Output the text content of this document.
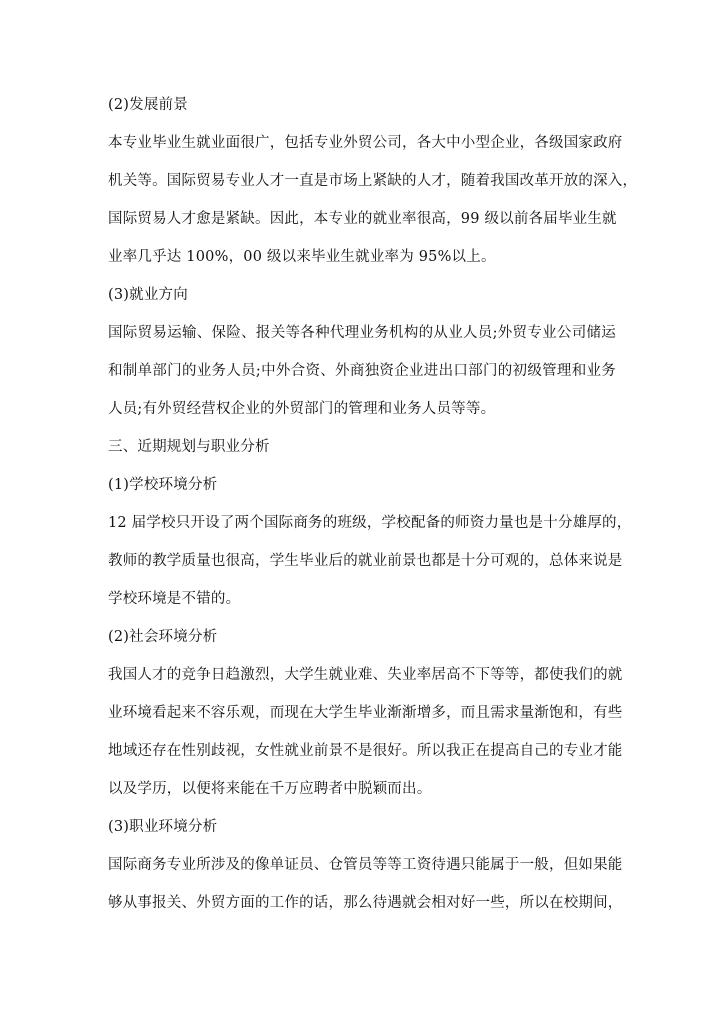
(2)发展前景
本专业毕业生就业面很广，包括专业外贸公司，各大中小型企业，各级国家政府
机关等。国际贸易专业人才一直是市场上紧缺的人才，随着我国改革开放的深入，
国际贸易人才愈是紧缺。因此，本专业的就业率很高，99 级以前各届毕业生就
业率几乎达 100%，00 级以来毕业生就业率为 95%以上。
(3)就业方向
国际贸易运输、保险、报关等各种代理业务机构的从业人员;外贸专业公司储运
和制单部门的业务人员;中外合资、外商独资企业进出口部门的初级管理和业务
人员;有外贸经营权企业的外贸部门的管理和业务人员等等。
三、近期规划与职业分析
(1)学校环境分析
12 届学校只开设了两个国际商务的班级，学校配备的师资力量也是十分雄厚的，
教师的教学质量也很高，学生毕业后的就业前景也都是十分可观的，总体来说是
学校环境是不错的。
(2)社会环境分析
我国人才的竞争日趋激烈，大学生就业难、失业率居高不下等等，都使我们的就
业环境看起来不容乐观，而现在大学生毕业渐渐增多，而且需求量渐饱和，有些
地域还存在性别歧视，女性就业前景不是很好。所以我正在提高自己的专业才能
以及学历，以便将来能在千万应聘者中脱颖而出。
(3)职业环境分析
国际商务专业所涉及的像单证员、仓管员等等工资待遇只能属于一般，但如果能
够从事报关、外贸方面的工作的话，那么待遇就会相对好一些，所以在校期间，
